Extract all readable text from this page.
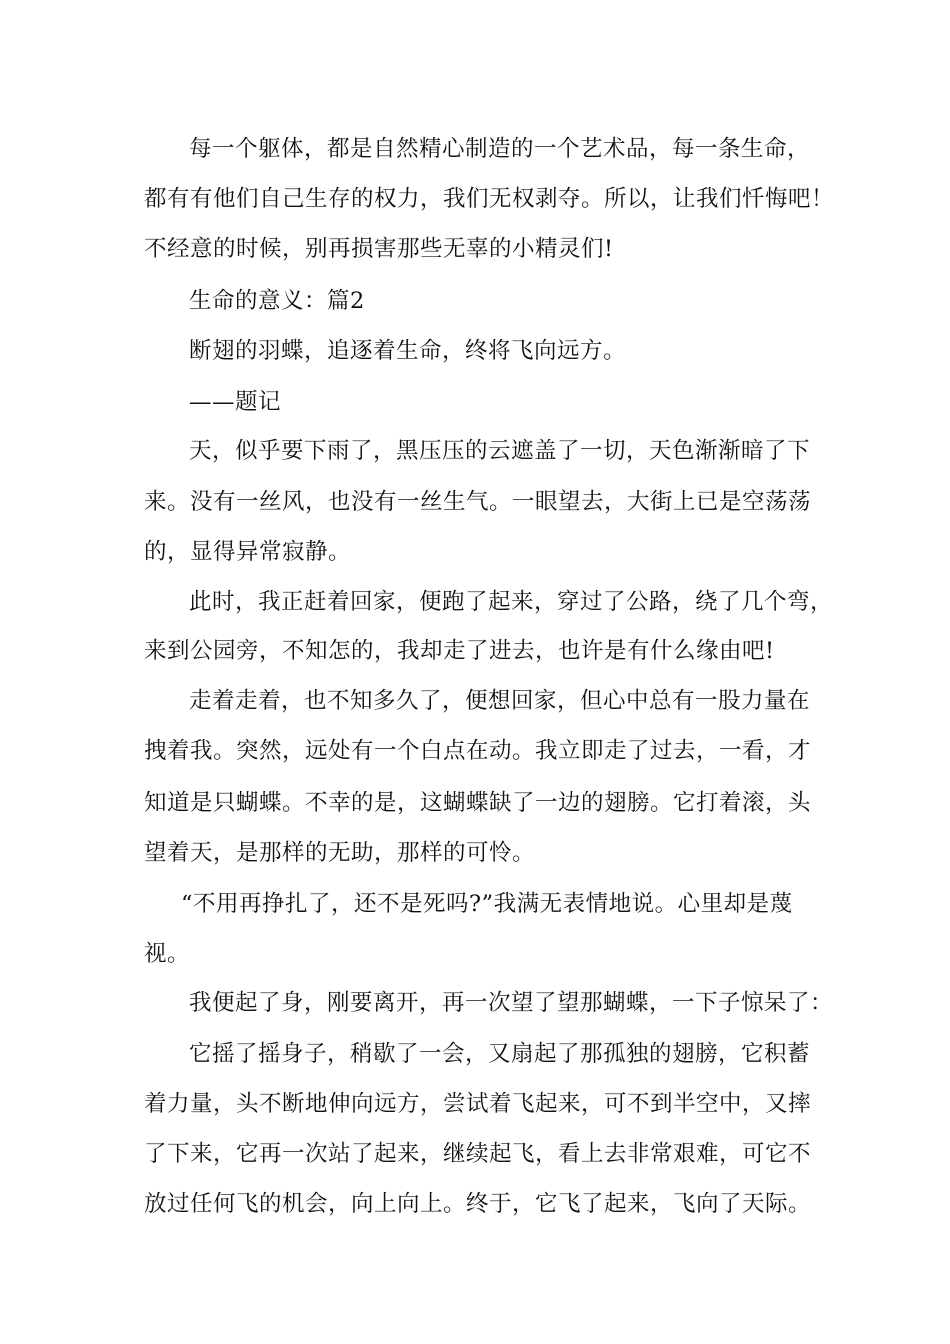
每一个躯体，都是自然精心制造的一个艺术品，每一条生命，
都有有他们自己生存的权力，我们无权剥夺。所以，让我们忏悔吧！
不经意的时候，别再损害那些无辜的小精灵们!
生命的意义：篇2
断翅的羽蝶，追逐着生命，终将飞向远方。
——题记
天，似乎要下雨了，黑压压的云遮盖了一切，天色渐渐暗了下
来。没有一丝风，也没有一丝生气。一眼望去，大街上已是空荡荡
的，显得异常寂静。
此时，我正赶着回家，便跑了起来，穿过了公路，绕了几个弯，
来到公园旁，不知怎的，我却走了进去，也许是有什么缘由吧!
走着走着，也不知多久了，便想回家，但心中总有一股力量在
拽着我。突然，远处有一个白点在动。我立即走了过去，一看，才
知道是只蝴蝶。不幸的是，这蝴蝶缺了一边的翅膀。它打着滚，头
望着天，是那样的无助，那样的可怜。
“不用再挣扎了，还不是死吗?”我满无表情地说。心里却是蔑
视。
我便起了身，刚要离开，再一次望了望那蝴蝶，一下子惊呆了：
它摇了摇身子，稍歇了一会，又扇起了那孤独的翅膀，它积蓄
着力量，头不断地伸向远方，尝试着飞起来，可不到半空中，又摔
了下来，它再一次站了起来，继续起飞，看上去非常艰难，可它不
放过任何飞的机会，向上向上。终于，它飞了起来，飞向了天际。
